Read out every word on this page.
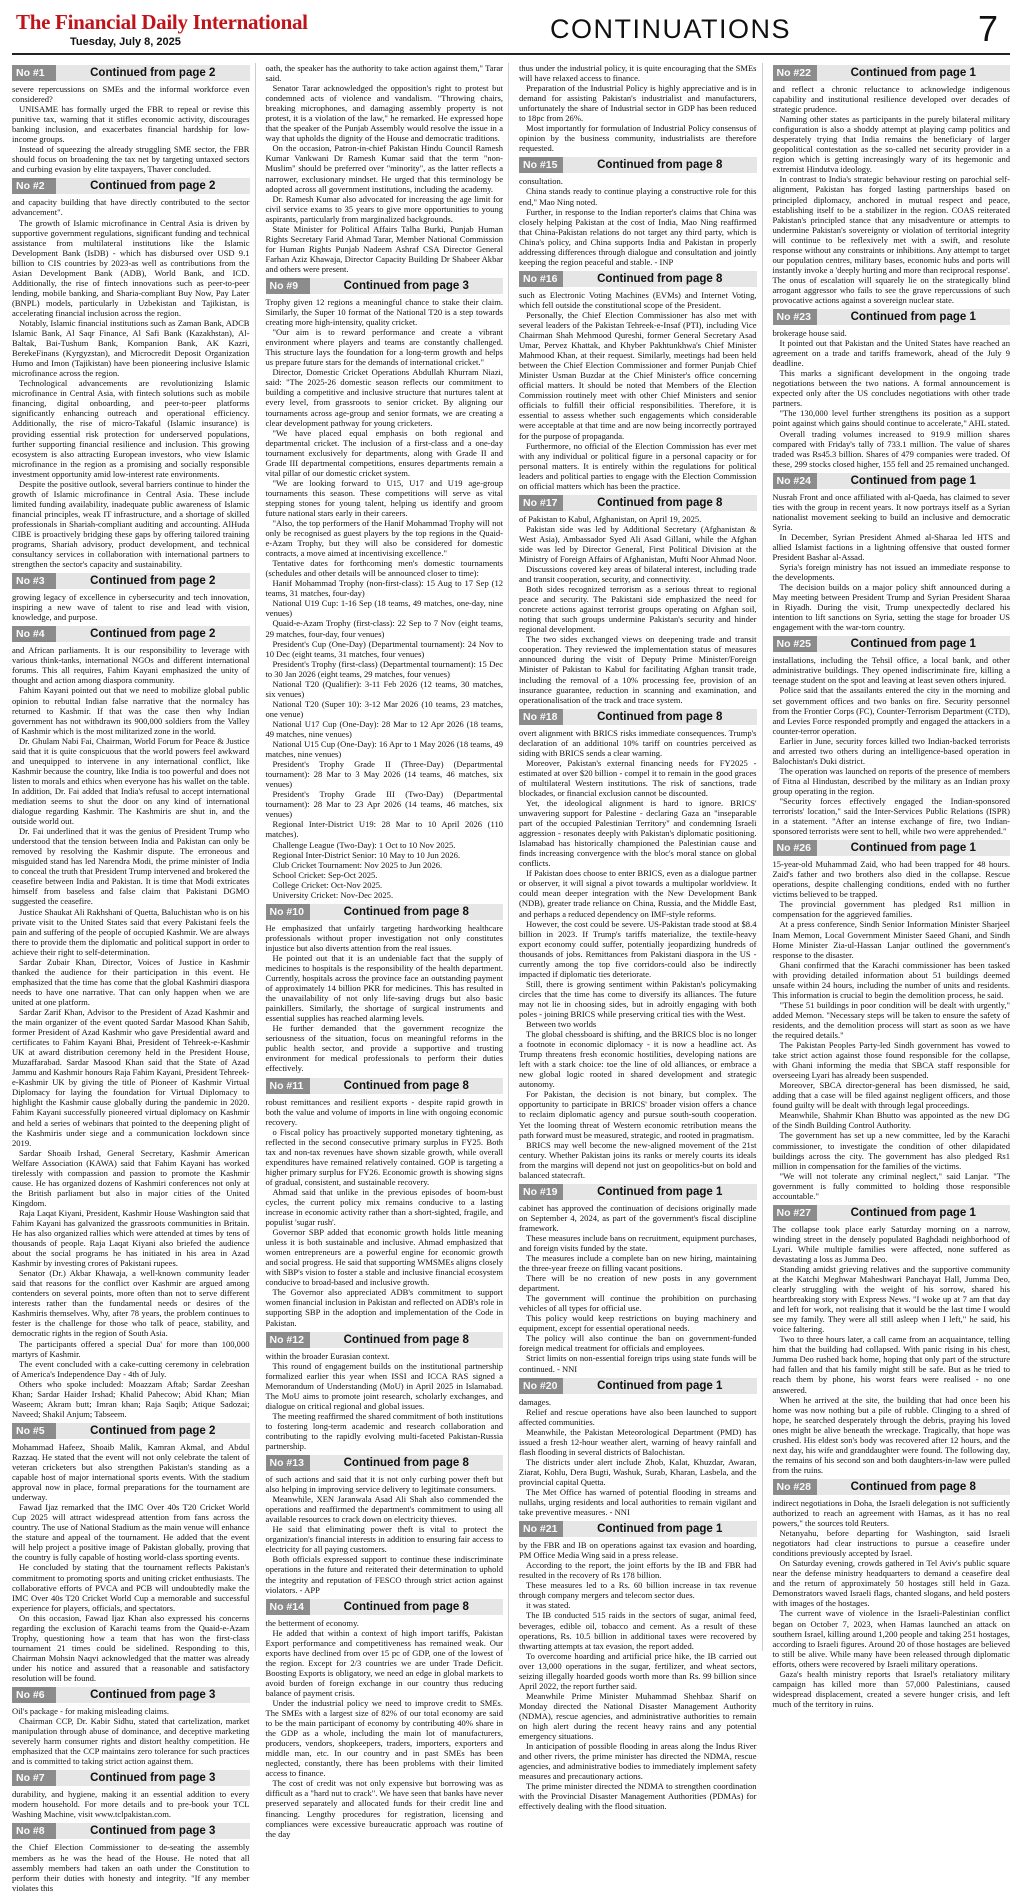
The Financial Daily International
Tuesday, July 8, 2025	CONTINUATIONS	7
No #1	Continued from page 2

severe repercussions on SMEs and the informal workforce even considered?

UNISAME has formally urged the FBR to repeal or revise this punitive tax, warning that it stifles economic activity, discourages banking inclusion, and exacerbates financial hardship for low-income groups.

Instead of squeezing the already struggling SME sector, the FBR should focus on broadening the tax net by targeting untaxed sectors and curbing evasion by elite taxpayers, Thaver concluded.

No #2	Continued from page 2

and capacity building that have directly contributed to the sector advancement".

The growth of Islamic microfinance in Central Asia is driven by supportive government regulations, significant funding and technical assistance from multilateral institutions like the Islamic Development Bank (IsDB) - which has disbursed over USD 9.1 billion to CIS countries by 2023-as well as contributions from the Asian Development Bank (ADB), World Bank, and ICD. Additionally, the rise of fintech innovations such as peer-to-peer lending, mobile banking, and Sharia-compliant Buy Now, Pay Later (BNPL) models, particularly in Uzbekistan and Tajikistan, is accelerating financial inclusion across the region.

Notably, Islamic financial institutions such as Zaman Bank, ADCB Islamic Bank, Al Saqr Finance, Al Safi Bank (Kazakhstan), Al-Baltak, Bai-Tushum Bank, Kompanion Bank, AK Kazri, BerekeFinans (Kyrgyzstan), and Microcredit Deposit Organization Humo and Imon (Tajikistan) have been pioneering inclusive Islamic microfinance across the region.

Technological advancements are revolutionizing Islamic microfinance in Central Asia, with fintech solutions such as mobile financing, digital onboarding, and peer-to-peer platforms significantly enhancing outreach and operational efficiency. Additionally, the rise of micro-Takaful (Islamic insurance) is providing essential risk protection for underserved populations, further supporting financial resilience and inclusion. This growing ecosystem is also attracting European investors, who view Islamic microfinance in the region as a promising and socially responsible investment opportunity amid low-interest rate environments.

Despite the positive outlook, several barriers continue to hinder the growth of Islamic microfinance in Central Asia. These include limited funding availability, inadequate public awareness of Islamic financial principles, weak IT infrastructure, and a shortage of skilled professionals in Shariah-compliant auditing and accounting. AlHuda CIBE is proactively bridging these gaps by offering tailored training programs, Shariah advisory, product development, and technical consultancy services in collaboration with international partners to strengthen the sector's capacity and sustainability.

No #3	Continued from page 2

growing legacy of excellence in cybersecurity and tech innovation, inspiring a new wave of talent to rise and lead with vision, knowledge, and purpose.

No #4	Continued from page 2

and African parliaments. It is our responsibility to leverage with various think-tanks, international NGOs and different international forums. This all requires, Fahim Kayani emphasized the unity of thought and action among diaspora community.

Fahim Kayani pointed out that we need to mobilize global public opinion to rebuttal Indian false narrative that the normalcy has returned to Kashmir. If that was the case then why Indian government has not withdrawn its 900,000 soldiers from the Valley of Kashmir which is the most militarized zone in the world.

Dr. Ghulam Nabi Fai, Chairman, World Forum for Peace & Justice said that it is quite conspicuous that the world powers feel awkward and unequipped to intervene in any international conflict, like Kashmir because the country, like India is too powerful and does not listen to morals and ethics when everyone has his wallet on the table. In addition, Dr. Fai added that India's refusal to accept international mediation seems to shut the door on any kind of international dialogue regarding Kashmir. The Kashmiris are shut in, and the outside world out.

Dr. Fai underlined that it was the genius of President Trump who understood that the tension between India and Pakistan can only be removed by resolving the Kashmir dispute. The erroneous and misguided stand has led Narendra Modi, the prime minister of India to conceal the truth that President Trump intervened and brokered the ceasefire between India and Pakistan. It is time that Modi extricates himself from baseless and false claim that Pakistani DGMO suggested the ceasefire.

Justice Shaukat Ali Rakhshani of Quetta, Baluchistan who is on his private visit to the United States said that every Pakistani feels the pain and suffering of the people of occupied Kashmir. We are always there to provide them the diplomatic and political support in order to achieve their right to self-determination.

Sardar Zubair Khan, Director, Voices of Justice in Kashmir thanked the audience for their participation in this event. He emphasized that the time has come that the global Kashmiri diaspora needs to have one narrative. That can only happen when we are united at one platform.

Sardar Zarif Khan, Advisor to the President of Azad Kashmir and the main organizer of the event quoted Sardar Masood Khan Sahib, former President of Azad Kashmir who gave Presidential award and certificates to Fahim Kayani Bhai, President of Tehreek-e-Kashmir UK at award distribution ceremony held in the President House, Muzaffarabad. Sardar Masood Khan said that the State of Azad Jammu and Kashmir honours Raja Fahim Kayani, President Tehreek-e-Kashmir UK by giving the title of Pioneer of Kashmir Virtual Diplomacy for laying the foundation for Virtual Diplomacy to highlight the Kashmir cause globally during the pandemic in 2020. Fahim Kayani successfully pioneered virtual diplomacy on Kashmir and held a series of webinars that pointed to the deepening plight of the Kashmiris under siege and a communication lockdown since 2019.

Sardar Shoaib Irshad, General Secretary, Kashmir American Welfare Association (KAWA) said that Fahim Kayani has worked tirelessly with compassion and passion to promote the Kashmir cause. He has organized dozens of Kashmiri conferences not only at the British parliament but also in major cities of the United Kingdom.

Raja Laqat Kiyani, President, Kashmir House Washington said that Fahim Kayani has galvanized the grassroots communities in Britain. He has also organized rallies which were attended at times by tens of thousands of people. Raja Laqat Kiyani also briefed the audience about the social programs he has initiated in his area in Azad Kashmir by investing crores of Pakistani rupees.

Senator (Dr.) Akbar Khawaja, a well-known community leader said that reasons for the conflict over Kashmir are argued among contenders on several points, more often than not to serve different interests rather than the fundamental needs or desires of the Kashmiris themselves. Why, after 78 years, the problem continues to fester is the challenge for those who talk of peace, stability, and democratic rights in the region of South Asia.

The participants offered a special Dua' for more than 100,000 martyrs of Kashmir.

The event concluded with a cake-cutting ceremony in celebration of America's Independence Day - 4th of July.

Others who spoke included: Moazzam Aftab; Sardar Zeeshan Khan; Sardar Haider Irshad; Khalid Pahecow; Abid Khan; Mian Waseem; Akram butt; Imran khan; Raja Saqib; Atique Sadozai; Naveed; Shakil Anjum; Tabseem.

No #5	Continued from page 2

Mohammad Hafeez, Shoaib Malik, Kamran Akmal, and Abdul Razzaq. He stated that the event will not only celebrate the talent of veteran cricketers but also strengthen Pakistan's standing as a capable host of major international sports events. With the stadium approval now in place, formal preparations for the tournament are underway.

Fawad Ijaz remarked that the IMC Over 40s T20 Cricket World Cup 2025 will attract widespread attention from fans across the country. The use of National Stadium as the main venue will enhance the stature and appeal of the tournament. He added that the event will help project a positive image of Pakistan globally, proving that the country is fully capable of hosting world-class sporting events.

He concluded by stating that the tournament reflects Pakistan's commitment to promoting sports and uniting cricket enthusiasts. The collaborative efforts of PVCA and PCB will undoubtedly make the IMC Over 40s T20 Cricket World Cup a memorable and successful experience for players, officials, and spectators.

On this occasion, Fawad Ijaz Khan also expressed his concerns regarding the exclusion of Karachi teams from the Quaid-e-Azam Trophy, questioning how a team that has won the first-class tournament 21 times could be sidelined. Responding to this, Chairman Mohsin Naqvi acknowledged that the matter was already under his notice and assured that a reasonable and satisfactory resolution will be found.

No #6	Continued from page 3

Oil's package - for making misleading claims.

Chairman CCP, Dr. Kabir Sidhu, stated that cartelization, market manipulation through abuse of dominance, and deceptive marketing severely harm consumer rights and distort healthy competition. He emphasized that the CCP maintains zero tolerance for such practices and is committed to taking strict action against them.

No #7	Continued from page 3

durability, and hygiene, making it an essential addition to every modern household. For more details and to pre-book your TCL Washing Machine, visit www.tclpakistan.com.

No #8	Continued from page 3

the Chief Election Commissioner to de-seating the assembly members as he was the head of the House. He noted that all assembly members had taken an oath under the Constitution to perform their duties with honesty and integrity. "If any member violates this

oath, the speaker has the authority to take action against them," Tarar said.

Senator Tarar acknowledged the opposition's right to protest but condemned acts of violence and vandalism. "Throwing chairs, breaking microphones, and damaging assembly property is not protest, it is a violation of the law," he remarked. He expressed hope that the speaker of the Punjab Assembly would resolve the issue in a way that upholds the dignity of the House and democratic traditions.

On the occasion, Patron-in-chief Pakistan Hindu Council Ramesh Kumar Vankwani Dr Ramesh Kumar said that the term "non-Muslim" should be preferred over "minority", as the latter reflects a narrower, exclusionary mindset. He urged that this terminology be adopted across all government institutions, including the academy.

Dr. Ramesh Kumar also advocated for increasing the age limit for civil service exams to 35 years to give more opportunities to young aspirants, particularly from marginalized backgrounds.

State Minister for Political Affairs Talha Burki, Punjab Human Rights Secretary Farid Ahmad Tarar, Member National Commission for Human Rights Punjab Nadeem Ashraf CSA Director General Farhan Aziz Khawaja, Director Capacity Building Dr Shabeer Akbar and others were present.

No #9	Continued from page 3

Trophy given 12 regions a meaningful chance to stake their claim. Similarly, the Super 10 format of the National T20 is a step towards creating more high-intensity, quality cricket.

"Our aim is to reward performance and create a vibrant environment where players and teams are constantly challenged. This structure lays the foundation for a long-term growth and helps us prepare future stars for the demands of international cricket."

Director, Domestic Cricket Operations Abdullah Khurram Niazi, said: "The 2025-26 domestic season reflects our commitment to building a competitive and inclusive structure that nurtures talent at every level, from grassroots to senior cricket. By aligning our tournaments across age-group and senior formats, we are creating a clear development pathway for young cricketers.

"We have placed equal emphasis on both regional and departmental cricket. The inclusion of a first-class and a one-day tournament exclusively for departments, along with Grade II and Grade III departmental competitions, ensures departments remain a vital pillar of our domestic cricket system.

"We are looking forward to U15, U17 and U19 age-group tournaments this season. These competitions will serve as vital stepping stones for young talent, helping us identify and groom future national stars early in their careers.

"Also, the top performers of the Hanif Mohammad Trophy will not only be recognised as guest players by the top regions in the Quaid-e-Azam Trophy, but they will also be considered for domestic contracts, a move aimed at incentivising excellence."

Tentative dates for forthcoming men's domestic tournaments (schedules and other details will be announced closer to time):

Hanif Mohammad Trophy (non-first-class): 15 Aug to 17 Sep (12 teams, 31 matches, four-day)

National U19 Cup: 1-16 Sep (18 teams, 49 matches, one-day, nine venues)

Quaid-e-Azam Trophy (first-class): 22 Sep to 7 Nov (eight teams, 29 matches, four-day, four venues)

President's Cup (One-Day) (Departmental tournament): 24 Nov to 10 Dec (eight teams, 31 matches, four venues)

President's Trophy (first-class) (Departmental tournament): 15 Dec to 30 Jan 2026 (eight teams, 29 matches, four venues)

National T20 (Qualifier): 3-11 Feb 2026 (12 teams, 30 matches, six venues)

National T20 (Super 10): 3-12 Mar 2026 (10 teams, 23 matches, one venue)

National U17 Cup (One-Day): 28 Mar to 12 Apr 2026 (18 teams, 49 matches, nine venues)

National U15 Cup (One-Day): 16 Apr to 1 May 2026 (18 teams, 49 matches, nine venues)

President's Trophy Grade II (Three-Day) (Departmental tournament): 28 Mar to 3 May 2026 (14 teams, 46 matches, six venues)

President's Trophy Grade III (Two-Day) (Departmental tournament): 28 Mar to 23 Apr 2026 (14 teams, 46 matches, six venues)

Regional Inter-District U19: 28 Mar to 10 April 2026 (110 matches).

Challenge League (Two-Day): 1 Oct to 10 Nov 2025.

Regional Inter-District Senior: 10 May to 10 Jun 2026.

Club Cricket Tournament: Nov 2025 to Jun 2026.

School Cricket: Sep-Oct 2025.

College Cricket: Oct-Nov 2025.

University Cricket: Nov-Dec 2025.

No #10	Continued from page 8

He emphasized that unfairly targeting hardworking healthcare professionals without proper investigation not only constitutes injustice but also diverts attention from the real issues.

He pointed out that it is an undeniable fact that the supply of medicines to hospitals is the responsibility of the health department. Currently, hospitals across the province face an outstanding payment of approximately 14 billion PKR for medicines. This has resulted in the unavailability of not only life-saving drugs but also basic painkillers. Similarly, the shortage of surgical instruments and essential supplies has reached alarming levels.

He further demanded that the government recognize the seriousness of the situation, focus on meaningful reforms in the public health sector, and provide a supportive and trusting environment for medical professionals to perform their duties effectively.

No #11	Continued from page 8

robust remittances and resilient exports - despite rapid growth in both the value and volume of imports in line with ongoing economic recovery.

o Fiscal policy has proactively supported monetary tightening, as reflected in the second consecutive primary surplus in FY25. Both tax and non-tax revenues have shown sizable growth, while overall expenditures have remained relatively contained. GOP is targeting a higher primary surplus for FY26. Economic growth is showing signs of gradual, consistent, and sustainable recovery.

Ahmad said that unlike in the previous episodes of boom-bust cycles, the current policy mix remains conducive to a lasting increase in economic activity rather than a short-sighted, fragile, and populist 'sugar rush'.

Governor SBP added that economic growth holds little meaning unless it is both sustainable and inclusive. Ahmad emphasized that women entrepreneurs are a powerful engine for economic growth and social progress. He said that supporting WMSMEs aligns closely with SBP's vision to foster a stable and inclusive financial ecosystem conducive to broad-based and inclusive growth.

The Governor also appreciated ADB's commitment to support women financial inclusion in Pakistan and reflected on ADB's role in supporting SBP in the adoption and implementation of the Code in Pakistan.

No #12	Continued from page 8

within the broader Eurasian context.

This round of engagement builds on the institutional partnership formalized earlier this year when ISSI and ICCA RAS signed a Memorandum of Understanding (MoU) in April 2025 in Islamabad. The MoU aims to promote joint research, scholarly exchanges, and dialogue on critical regional and global issues.

The meeting reaffirmed the shared commitment of both institutions to fostering long-term academic and research collaboration and contributing to the rapidly evolving multi-faceted Pakistan-Russia partnership.

No #13	Continued from page 8

of such actions and said that it is not only curbing power theft but also helping in improving service delivery to legitimate consumers.

Meanwhile, XEN Jaranwala Asad Ali Shah also commended the operations and reaffirmed the department's commitment to using all available resources to crack down on electricity thieves.

He said that eliminating power theft is vital to protect the organization's financial interests in addition to ensuring fair access to electricity for all paying customers.

Both officials expressed support to continue these indiscriminate operations in the future and reiterated their determination to uphold the integrity and reputation of FESCO through strict action against violators. - APP

No #14	Continued from page 8

the betterment of economy.

He added that within a context of high import tariffs, Pakistan Export performance and competitiveness has remained weak. Our exports have declined from over 15 pc of GDP, one of the lowest of the region. Except for 2/3 countries we are under Trade Deficit. Boosting Exports is obligatory, we need an edge in global markets to avoid burden of foreign exchange in our country thus reducing balance of payment crisis.

Under the industrial policy we need to improve credit to SMEs. The SMEs with a largest size of 82% of our total economy are said to be the main participant of economy by contributing 40% share in the GDP as a whole, including the main lot of manufacturers, producers, vendors, shopkeepers, traders, importers, exporters and middle man, etc. In our country and in past SMEs has been neglected, constantly, there has been problems with their limited access to finance.

The cost of credit was not only expensive but borrowing was as difficult as a "hard nut to crack". We have seen that banks have never preserved separately and allocated funds for their credit line and financing. Lengthy procedures for registration, licensing and compliances were excessive bureaucratic approach was routine of the day

thus under the industrial policy, it is quite encouraging that the SMEs will have relaxed access to finance.

Preparation of the Industrial Policy is highly appreciative and is in demand for assisting Pakistan's industrialist and manufacturers, unfortunately the share of Industrial sector in GDP has been reduced to 18pc from 26%.

Most importantly for formulation of Industrial Policy consensus of opinion by the business community, industrialists are therefore requested.

No #15	Continued from page 8

consultation.

China stands ready to continue playing a constructive role for this end," Mao Ning noted.

Further, in response to the Indian reporter's claims that China was closely helping Pakistan at the cost of India, Mao Ning reaffirmed that China-Pakistan relations do not target any third party, which is China's policy, and China supports India and Pakistan in properly addressing differences through dialogue and consultation and jointly keeping the region peaceful and stable. - INP

No #16	Continued from page 8

such as Electronic Voting Machines (EVMs) and Internet Voting, which fell outside the constitutional scope of the President.

Personally, the Chief Election Commissioner has also met with several leaders of the Pakistan Tehreek-e-Insaf (PTI), including Vice Chairman Shah Mehmood Qureshi, former General Secretary Asad Umar, Pervez Khattak, and Khyber Pakhtunkhwa's Chief Minister Mahmood Khan, at their request. Similarly, meetings had been held between the Chief Election Commissioner and former Punjab Chief Minister Usman Buzdar at the Chief Minister's office concerning official matters. It should be noted that Members of the Election Commission routinely meet with other Chief Ministers and senior officials to fulfill their official responsibilities. Therefore, it is essential to assess whether such engagements which considerable were acceptable at that time and are now being incorrectly portrayed for the purpose of propaganda.

Furthermore, no official of the Election Commission has ever met with any individual or political figure in a personal capacity or for personal matters. It is entirely within the regulations for political leaders and political parties to engage with the Election Commission on official matters which has been the practice.

No #17	Continued from page 8

of Pakistan to Kabul, Afghanistan, on April 19, 2025.

Pakistan side was led by Additional Secretary (Afghanistan & West Asia), Ambassador Syed Ali Asad Gillani, while the Afghan side was led by Director General, First Political Division at the Ministry of Foreign Affairs of Afghanistan, Mufti Noor Ahmad Noor.

Discussions covered key areas of bilateral interest, including trade and transit cooperation, security, and connectivity.

Both sides recognized terrorism as a serious threat to regional peace and security. The Pakistani side emphasized the need for concrete actions against terrorist groups operating on Afghan soil, noting that such groups undermine Pakistan's security and hinder regional development.

The two sides exchanged views on deepening trade and transit cooperation. They reviewed the implementation status of measures announced during the visit of Deputy Prime Minister/Foreign Minister of Pakistan to Kabul for facilitating Afghan transit trade, including the removal of a 10% processing fee, provision of an insurance guarantee, reduction in scanning and examination, and operationalisation of the track and trace system.

No #18	Continued from page 8

overt alignment with BRICS risks immediate consequences. Trump's declaration of an additional 10% tariff on countries perceived as siding with BRICS sends a clear warning.

Moreover, Pakistan's external financing needs for FY2025 - estimated at over $20 billion - compel it to remain in the good graces of multilateral Western institutions. The risk of sanctions, trade blockades, or financial exclusion cannot be discounted.

Yet, the ideological alignment is hard to ignore. BRICS' unwavering support for Palestine - declaring Gaza an "inseparable part of the occupied Palestinian Territory" and condemning Israeli aggression - resonates deeply with Pakistan's diplomatic positioning. Islamabad has historically championed the Palestinian cause and finds increasing convergence with the bloc's moral stance on global conflicts.

If Pakistan does choose to enter BRICS, even as a dialogue partner or observer, it will signal a pivot towards a multipolar worldview. It could mean deeper integration with the New Development Bank (NDB), greater trade reliance on China, Russia, and the Middle East, and perhaps a reduced dependency on IMF-style reforms.

However, the cost could be severe. US-Pakistan trade stood at $8.4 billion in 2023. If Trump's tariffs materialize, the textile-heavy export economy could suffer, potentially jeopardizing hundreds of thousands of jobs. Remittances from Pakistani diaspora in the US - currently among the top five corridors-could also be indirectly impacted if diplomatic ties deteriorate.

Still, there is growing sentiment within Pakistan's policymaking circles that the time has come to diversify its alliances. The future may not lie in choosing sides, but in adroitly engaging with both poles - joining BRICS while preserving critical ties with the West.

Between two worlds

The global chessboard is shifting, and the BRICS bloc is no longer a footnote in economic diplomacy - it is now a headline act. As Trump threatens fresh economic hostilities, developing nations are left with a stark choice: toe the line of old alliances, or embrace a new global logic rooted in shared development and strategic autonomy.

For Pakistan, the decision is not binary, but complex. The opportunity to participate in BRICS' broader vision offers a chance to reclaim diplomatic agency and pursue south-south cooperation. Yet the looming threat of Western economic retribution means the path forward must be measured, strategic, and rooted in pragmatism.

BRICS may well become the new-aligned movement of the 21st century. Whether Pakistan joins its ranks or merely courts its ideals from the margins will depend not just on geopolitics-but on bold and balanced statecraft.

No #19	Continued from page 1

cabinet has approved the continuation of decisions originally made on September 4, 2024, as part of the government's fiscal discipline framework.

These measures include bans on recruitment, equipment purchases, and foreign visits funded by the state.

The measures include a complete ban on new hiring, maintaining the three-year freeze on filling vacant positions.

There will be no creation of new posts in any government department.

The government will continue the prohibition on purchasing vehicles of all types for official use.

This policy would keep restrictions on buying machinery and equipment, except for essential operational needs.

The policy will also continue the ban on government-funded foreign medical treatment for officials and employees.

Strict limits on non-essential foreign trips using state funds will be continued. - NNI

No #20	Continued from page 1

damages.

Relief and rescue operations have also been launched to support affected communities.

Meanwhile, the Pakistan Meteorological Department (PMD) has issued a fresh 12-hour weather alert, warning of heavy rainfall and flash flooding in several districts of Balochistan.

The districts under alert include Zhob, Kalat, Khuzdar, Awaran, Ziarat, Kohlu, Dera Bugti, Washuk, Surab, Kharan, Lasbela, and the provincial capital Quetta.

The Met Office has warned of potential flooding in streams and nullahs, urging residents and local authorities to remain vigilant and take preventive measures. - NNI

No #21	Continued from page 1

by the FBR and IB on operations against tax evasion and hoarding, PM Office Media Wing said in a press release.

According to the report, the joint efforts by the IB and FBR had resulted in the recovery of Rs 178 billion.

These measures led to a Rs. 60 billion increase in tax revenue through company mergers and telecom sector dues.

it was stated.

The IB conducted 515 raids in the sectors of sugar, animal feed, beverages, edible oil, tobacco and cement. As a result of these operations, Rs. 10.5 billion in additional taxes were recovered by thwarting attempts at tax evasion, the report added.

To overcome hoarding and artificial price hike, the IB carried out over 13,000 operations in the sugar, fertilizer, and wheat sectors, seizing illegally hoarded goods worth more than Rs. 99 billion since April 2022, the report further said.

Meanwhile Prime Minister Muhammad Shehbaz Sharif on Monday directed the National Disaster Management Authority (NDMA), rescue agencies, and administrative authorities to remain on high alert during the recent heavy rains and any potential emergency situations.

In anticipation of possible flooding in areas along the Indus River and other rivers, the prime minister has directed the NDMA, rescue agencies, and administrative bodies to immediately implement safety measures and precautionary actions.

The prime minister directed the NDMA to strengthen coordination with the Provincial Disaster Management Authorities (PDMAs) for effectively dealing with the flood situation.

No #22	Continued from page 1

and reflect a chronic reluctance to acknowledge indigenous capability and institutional resilience developed over decades of strategic prudence.

Naming other states as participants in the purely bilateral military configuration is also a shoddy attempt at playing camp politics and desperately trying that India remains the beneficiary of larger geopolitical contestation as the so-called net security provider in a region which is getting increasingly wary of its hegemonic and extremist Hindutva ideology.

In contrast to India's strategic behaviour resting on parochial self-alignment, Pakistan has forged lasting partnerships based on principled diplomacy, anchored in mutual respect and peace, establishing itself to be a stabilizer in the region. COAS reiterated Pakistan's principled stance that any misadventure or attempts to undermine Pakistan's sovereignty or violation of territorial integrity will continue to be reflexively met with a swift, and resolute response without any constraints or inhibitions. Any attempt to target our population centres, military bases, economic hubs and ports will instantly invoke a 'deeply hurting and more than reciprocal response'. The onus of escalation will squarely lie on the strategically blind arrogant aggressor who fails to see the grave repercussions of such provocative actions against a sovereign nuclear state.

No #23	Continued from page 1

brokerage house said.

It pointed out that Pakistan and the United States have reached an agreement on a trade and tariffs framework, ahead of the July 9 deadline.

This marks a significant development in the ongoing trade negotiations between the two nations. A formal announcement is expected only after the US concludes negotiations with other trade partners.

"The 130,000 level further strengthens its position as a support point against which gains should continue to accelerate," AHL stated.

Overall trading volumes increased to 919.9 million shares compared with Friday's tally of 733.1 million. The value of shares traded was Rs45.3 billion. Shares of 479 companies were traded. Of these, 299 stocks closed higher, 155 fell and 25 remained unchanged.

No #24	Continued from page 1

Nusrah Front and once affiliated with al-Qaeda, has claimed to sever ties with the group in recent years. It now portrays itself as a Syrian nationalist movement seeking to build an inclusive and democratic Syria.

In December, Syrian President Ahmed al-Sharaa led HTS and allied Islamist factions in a lightning offensive that ousted former President Bashar al-Assad.

Syria's foreign ministry has not issued an immediate response to the developments.

The decision builds on a major policy shift announced during a May meeting between President Trump and Syrian President Sharaa in Riyadh. During the visit, Trump unexpectedly declared his intention to lift sanctions on Syria, setting the stage for broader US engagement with the war-torn country.

No #25	Continued from page 1

installations, including the Tehsil office, a local bank, and other administrative buildings. They opened indiscriminate fire, killing a teenage student on the spot and leaving at least seven others injured.

Police said that the assailants entered the city in the morning and set government offices and two banks on fire. Security personnel from the Frontier Corps (FC), Counter-Terrorism Department (CTD), and Levies Force responded promptly and engaged the attackers in a counter-terror operation.

Earlier in June, security forces killed two Indian-backed terrorists and arrested two others during an intelligence-based operation in Balochistan's Duki district.

The operation was launched on reports of the presence of members of Fitna al Hindustan, described by the military as an Indian proxy group operating in the region.

"Security forces effectively engaged the Indian-sponsored terrorists' location," said the Inter-Services Public Relations (ISPR) in a statement. "After an intense exchange of fire, two Indian-sponsored terrorists were sent to hell, while two were apprehended."

No #26	Continued from page 1

15-year-old Muhammad Zaid, who had been trapped for 48 hours. Zaid's father and two brothers also died in the collapse. Rescue operations, despite challenging conditions, ended with no further victims believed to be trapped.

The provincial government has pledged Rs1 million in compensation for the aggrieved families.

At a press conference, Sindh Senior Information Minister Sharjeel Inam Memon, Local Government Minister Saeed Ghani, and Sindh Home Minister Zia-ul-Hassan Lanjar outlined the government's response to the disaster.

Ghani confirmed that the Karachi commissioner has been tasked with providing detailed information about 51 buildings deemed unsafe within 24 hours, including the number of units and residents. This information is crucial to begin the demolition process, he said.

"These 51 buildings in poor condition will be dealt with urgently," added Memon. "Necessary steps will be taken to ensure the safety of residents, and the demolition process will start as soon as we have the required details."

The Pakistan Peoples Party-led Sindh government has vowed to take strict action against those found responsible for the collapse, with Ghani informing the media that SBCA staff responsible for overseeing Lyari has already been suspended.

Moreover, SBCA director-general has been dismissed, he said, adding that a case will be filed against negligent officers, and those found guilty will be dealt with through legal proceedings.

Meanwhile, Shahmir Khan Bhutto was appointed as the new DG of the Sindh Building Control Authority.

The government has set up a new committee, led by the Karachi commissioner, to investigate the condition of other dilapidated buildings across the city. The government has also pledged Rs1 million in compensation for the families of the victims.

"We will not tolerate any criminal neglect," said Lanjar. "The government is fully committed to holding those responsible accountable."

No #27	Continued from page 1

The collapse took place early Saturday morning on a narrow, winding street in the densely populated Baghdadi neighborhood of Lyari. While multiple families were affected, none suffered as devastating a loss as Jumma Deo.

Standing amidst grieving relatives and the supportive community at the Katchi Meghwar Maheshwari Panchayat Hall, Jumma Deo, clearly struggling with the weight of his sorrow, shared his heartbreaking story with Express News. "I woke up at 7 am that day and left for work, not realising that it would be the last time I would see my family. They were all still asleep when I left," he said, his voice faltering.

Two to three hours later, a call came from an acquaintance, telling him that the building had collapsed. With panic rising in his chest, Jumma Deo rushed back home, hoping that only part of the structure had fallen and that his family might still be safe. But as he tried to reach them by phone, his worst fears were realised - no one answered.

When he arrived at the site, the building that had once been his home was now nothing but a pile of rubble. Clinging to a shred of hope, he searched desperately through the debris, praying his loved ones might be alive beneath the wreckage. Tragically, that hope was crushed. His eldest son's body was recovered after 12 hours, and the next day, his wife and granddaughter were found. The following day, the remains of his second son and both daughters-in-law were pulled from the ruins.

No #28	Continued from page 8

indirect negotiations in Doha, the Israeli delegation is not sufficiently authorized to reach an agreement with Hamas, as it has no real powers," the sources told Reuters.

Netanyahu, before departing for Washington, said Israeli negotiators had clear instructions to pursue a ceasefire under conditions previously accepted by Israel.

On Saturday evening, crowds gathered in Tel Aviv's public square near the defense ministry headquarters to demand a ceasefire deal and the return of approximately 50 hostages still held in Gaza. Demonstrators waved Israeli flags, chanted slogans, and held posters with images of the hostages.

The current wave of violence in the Israeli-Palestinian conflict began on October 7, 2023, when Hamas launched an attack on southern Israel, killing around 1,200 people and taking 251 hostages, according to Israeli figures. Around 20 of those hostages are believed to still be alive. While many have been released through diplomatic efforts, others were recovered by Israeli military operations.

Gaza's health ministry reports that Israel's retaliatory military campaign has killed more than 57,000 Palestinians, caused widespread displacement, created a severe hunger crisis, and left much of the territory in ruins.
